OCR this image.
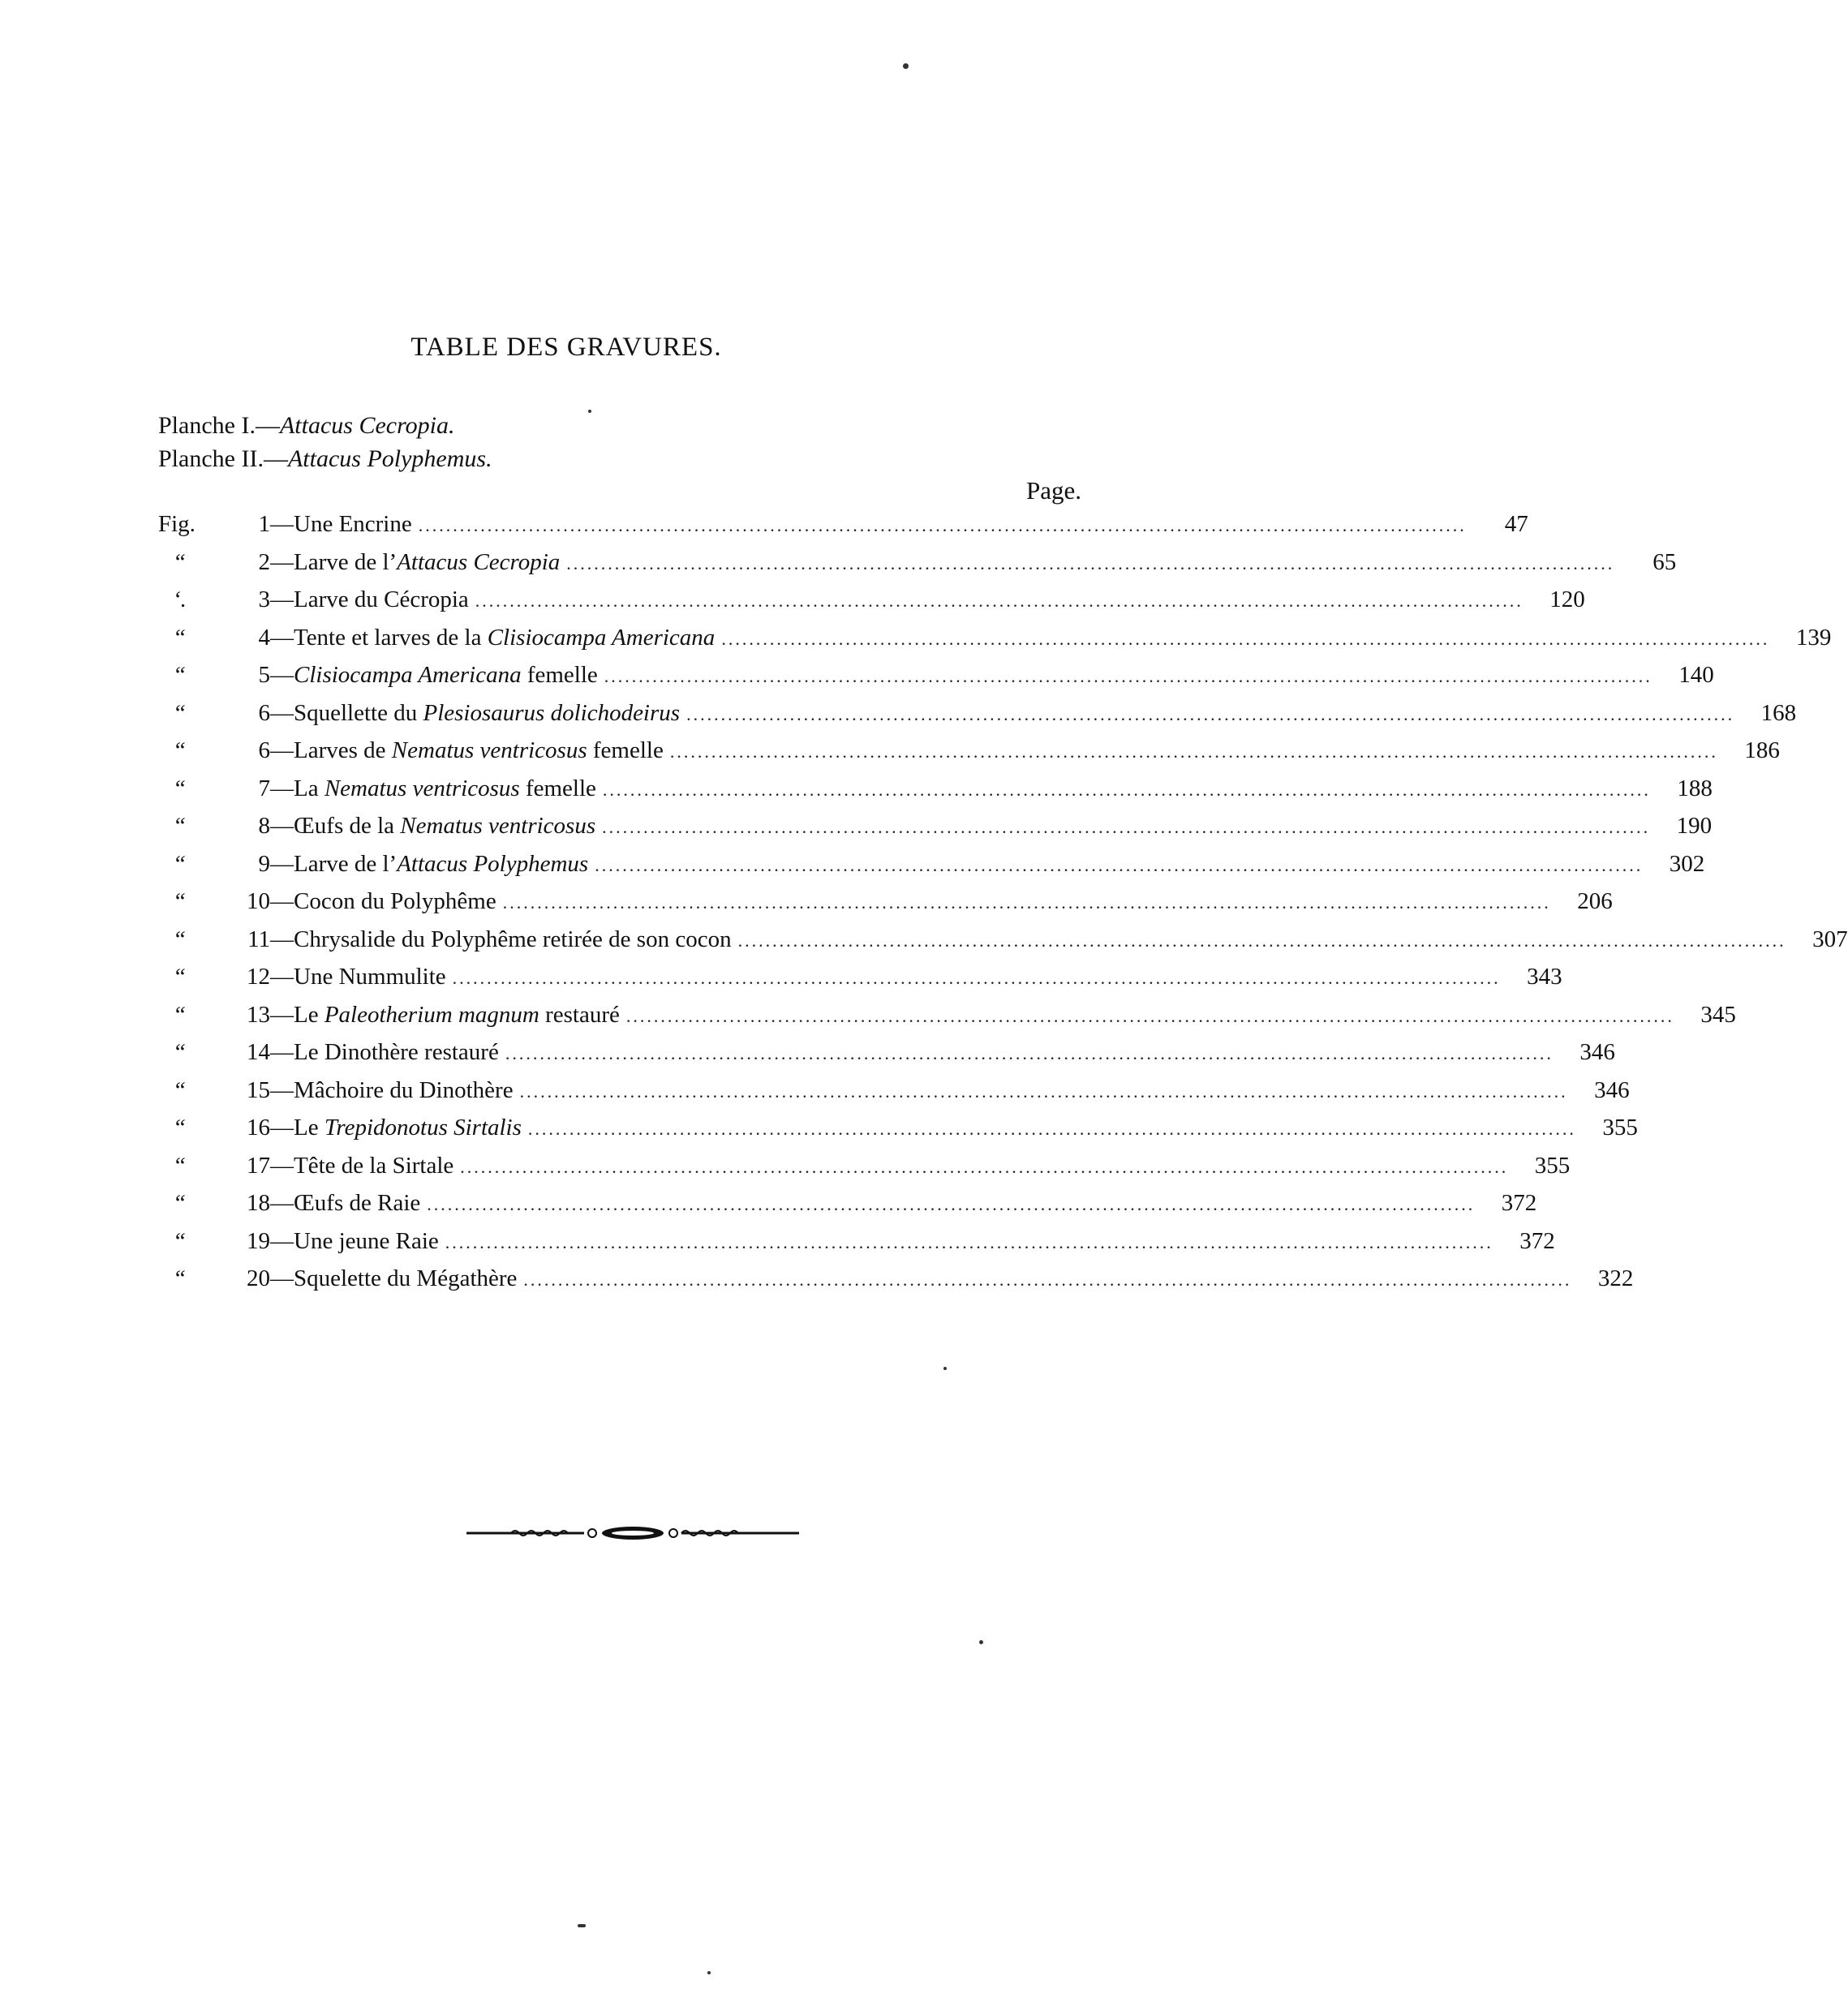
TABLE DES GRAVURES.
Planche I.—Attacus Cecropia.
Planche II.—Attacus Polyphemus.
Page.
Fig.	1 —Une Encrine .....	47
“	2 —Larve de l’Attacus Cecropia .....	65
‘.	3 —Larve du Cécropia .....	120
“	4 —Tente et larves de la Clisiocampa Americana .....	139
“	5 —Clisiocampa Americana femelle .....	140
“	6 —Squellette du Plesiosaurus dolichodeirus .....	168
“	6 —Larves de Nematus ventricosus femelle .....	186
“	7 —La Nematus ventricosus femelle .....	188
“	8 —Œufs de la Nematus ventricosus .....	190
“	9 —Larve de l’Attacus Polyphemus .....	302
“	10 —Cocon du Polyphême .....	206
“	11 —Chrysalide du Polyphême retirée de son cocon .....	307
“	12 —Une Nummulite .....	343
“	13 —Le Paleotherium magnum restauré .....	345
“	14 —Le Dinothère restauré .....	346
“	15 —Mâchoire du Dinothère .....	346
“	16 —Le Trepidonotus Sirtalis .....	355
“	17 —Tête de la Sirtale .....	355
“	18 —Œufs de Raie .....	372
“	19 —Une jeune Raie .....	372
“	20 —Squelette du Mégathère .....	322
